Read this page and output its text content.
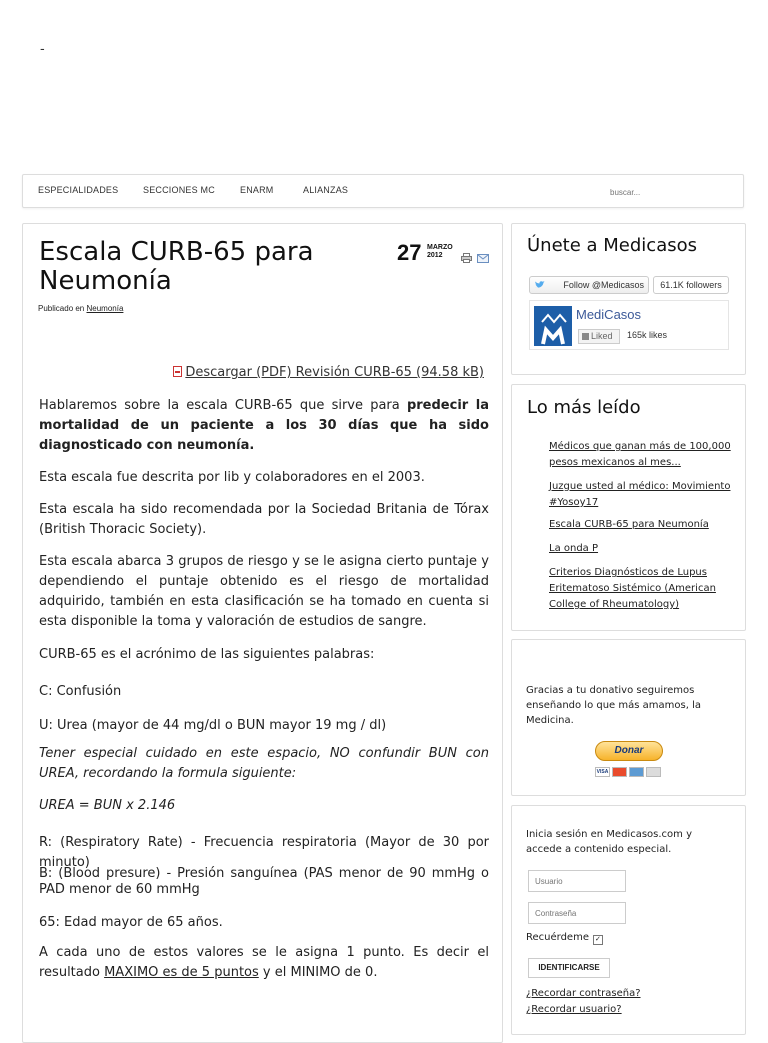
-
ESPECIALIDADES	SECCIONES MC	ENARM	ALIANZAS
buscar...
Escala CURB-65 para Neumonía
Publicado en Neumonía
27 MARZO
2012
Descargar (PDF) Revisión CURB-65 (94.58 kB)
Hablaremos sobre la escala CURB-65 que sirve para predecir la mortalidad de un paciente a los 30 días que ha sido diagnosticado con neumonía.
Esta escala fue descrita por lib y colaboradores en el 2003.
Esta escala ha sido recomendada por la Sociedad Britania de Tórax (British Thoracic Society).
Esta escala abarca 3 grupos de riesgo y se le asigna cierto puntaje y dependiendo el puntaje obtenido es el riesgo de mortalidad adquirido, también en esta clasificación se ha tomado en cuenta si esta disponible la toma y valoración de estudios de sangre.
CURB-65 es el acrónimo de las siguientes palabras:
C: Confusión
U: Urea (mayor de 44 mg/dl o BUN mayor 19 mg / dl)
Tener especial cuidado en este espacio, NO confundir BUN con UREA, recordando la formula siguiente:
UREA = BUN x 2.146
R: (Respiratory Rate) - Frecuencia respiratoria (Mayor de 30 por minuto)
B: (Blood presure) - Presión sanguínea (PAS menor de 90 mmHg o PAD menor de 60 mmHg
65: Edad mayor de 65 años.
A cada uno de estos valores se le asigna 1 punto. Es decir el resultado MAXIMO es de 5 puntos y el MINIMO de 0.
Únete a Medicasos
Follow @Medicasos	61.1K followers
MediCasos
Liked	165k likes
Lo más leído
Médicos que ganan más de 100,000 pesos mexicanos al mes...
Juzgue usted al médico: Movimiento #Yosoy17
Escala CURB-65 para Neumonía
La onda P
Criterios Diagnósticos de Lupus Eritematoso Sistémico (American College of Rheumatology)
Gracias a tu donativo seguiremos enseñando lo que más amamos, la Medicina.
Donar
VISA
Inicia sesión en Medicasos.com y accede a contenido especial.
Usuario
Contraseña
Recuérdeme ✓
IDENTIFICARSE
¿Recordar contraseña?
¿Recordar usuario?
